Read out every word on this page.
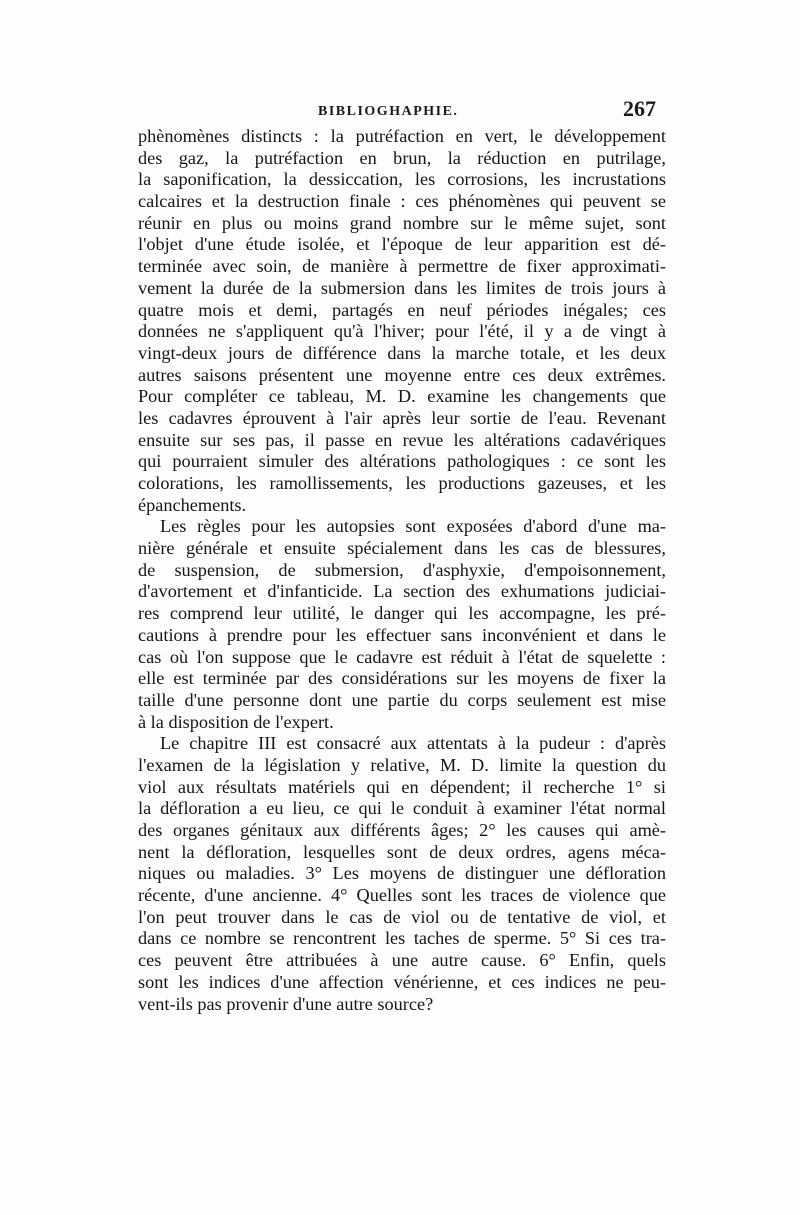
BIBLIOGHAPHIE.	267
phènomènes distincts : la putréfaction en vert, le développement
des gaz, la putréfaction en brun, la réduction en putrilage,
la saponification, la dessiccation, les corrosions, les incrustations
calcaires et la destruction finale : ces phénomènes qui peuvent se
réunir en plus ou moins grand nombre sur le même sujet, sont
l'objet d'une étude isolée, et l'époque de leur apparition est dé-
terminée avec soin, de manière à permettre de fixer approximati-
vement la durée de la submersion dans les limites de trois jours à
quatre mois et demi, partagés en neuf périodes inégales; ces
données ne s'appliquent qu'à l'hiver; pour l'été, il y a de vingt à
vingt-deux jours de différence dans la marche totale, et les deux
autres saisons présentent une moyenne entre ces deux extrêmes.
Pour compléter ce tableau, M. D. examine les changements que
les cadavres éprouvent à l'air après leur sortie de l'eau. Revenant
ensuite sur ses pas, il passe en revue les altérations cadavériques
qui pourraient simuler des altérations pathologiques : ce sont les
colorations, les ramollissements, les productions gazeuses, et les
épanchements.
Les règles pour les autopsies sont exposées d'abord d'une ma-
nière générale et ensuite spécialement dans les cas de blessures,
de suspension, de submersion, d'asphyxie, d'empoisonnement,
d'avortement et d'infanticide. La section des exhumations judiciai-
res comprend leur utilité, le danger qui les accompagne, les pré-
cautions à prendre pour les effectuer sans inconvénient et dans le
cas où l'on suppose que le cadavre est réduit à l'état de squelette :
elle est terminée par des considérations sur les moyens de fixer la
taille d'une personne dont une partie du corps seulement est mise
à la disposition de l'expert.
Le chapitre III est consacré aux attentats à la pudeur : d'après
l'examen de la législation y relative, M. D. limite la question du
viol aux résultats matériels qui en dépendent; il recherche 1° si
la défloration a eu lieu, ce qui le conduit à examiner l'état normal
des organes génitaux aux différents âges; 2° les causes qui amè-
nent la défloration, lesquelles sont de deux ordres, agens méca-
niques ou maladies. 3° Les moyens de distinguer une défloration
récente, d'une ancienne. 4° Quelles sont les traces de violence que
l'on peut trouver dans le cas de viol ou de tentative de viol, et
dans ce nombre se rencontrent les taches de sperme. 5° Si ces tra-
ces peuvent être attribuées à une autre cause. 6° Enfin, quels
sont les indices d'une affection vénérienne, et ces indices ne peu-
vent-ils pas provenir d'une autre source?
